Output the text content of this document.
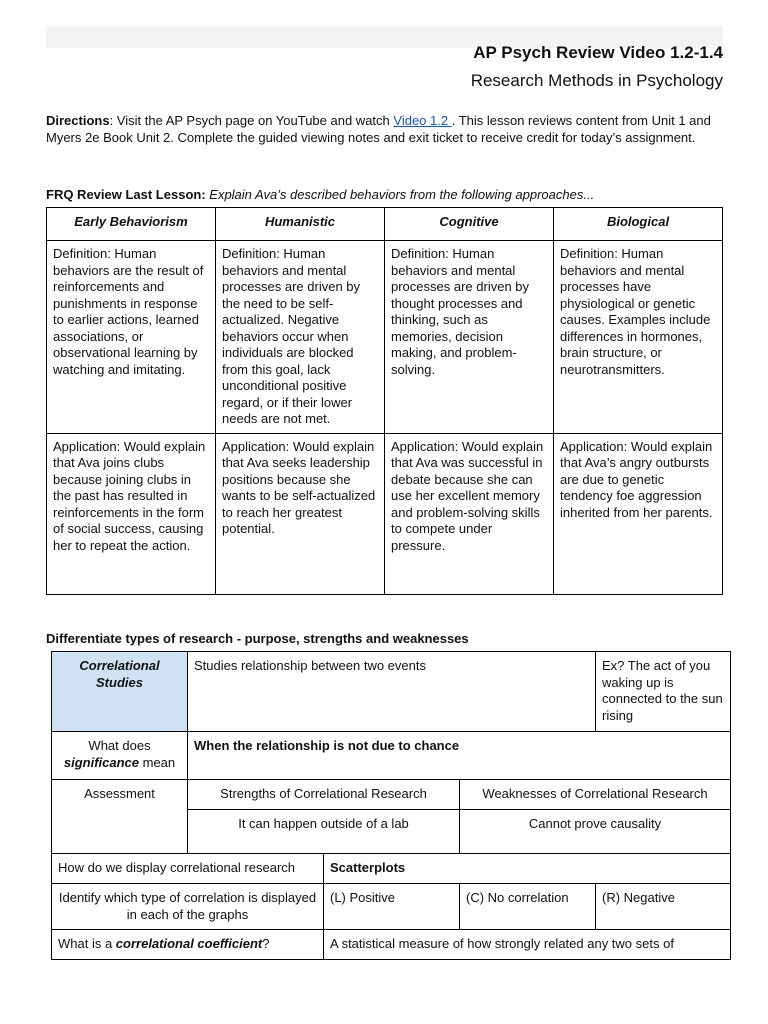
AP Psych Review Video 1.2-1.4
Research Methods in Psychology
Directions: Visit the AP Psych page on YouTube and watch Video 1.2 . This lesson reviews content from Unit 1 and Myers 2e Book Unit 2. Complete the guided viewing notes and exit ticket to receive credit for today’s assignment.
FRQ Review Last Lesson: Explain Ava’s described behaviors from the following approaches...
Early Behaviorism	Humanistic	Cognitive	Biological
Definition: Human behaviors are the result of reinforcements and punishments in response to earlier actions, learned associations, or observational learning by watching and imitating.	Definition: Human behaviors and mental processes are driven by the need to be self-actualized. Negative behaviors occur when individuals are blocked from this goal, lack unconditional positive regard, or if their lower needs are not met.	Definition: Human behaviors and mental processes are driven by thought processes and thinking, such as memories, decision making, and problem-solving.	Definition: Human behaviors and mental processes have physiological or genetic causes. Examples include differences in hormones, brain structure, or neurotransmitters.
Application: Would explain that Ava joins clubs because joining clubs in the past has resulted in reinforcements in the form of social success, causing her to repeat the action.	Application: Would explain that Ava seeks leadership positions because she wants to be self-actualized to reach her greatest potential.	Application: Would explain that Ava was successful in debate because she can use her excellent memory and problem-solving skills to compete under pressure.	Application: Would explain that Ava’s angry outbursts are due to genetic tendency foe aggression inherited from her parents.
Differentiate types of research - purpose, strengths and weaknesses
Correlational Studies	Studies relationship between two events			Ex? The act of you waking up is connected to the sun rising
What does significance mean	When the relationship is not due to chance			
Assessment	Strengths of Correlational Research		Weaknesses of Correlational Research	
	It can happen outside of a lab		Cannot prove causality	
How do we display correlational research		Scatterplots		
Identify which type of correlation is displayed in each of the graphs		(L) Positive	(C) No correlation	(R) Negative
What is a correlational coefficient?		A statistical measure of how strongly related any two sets of		
